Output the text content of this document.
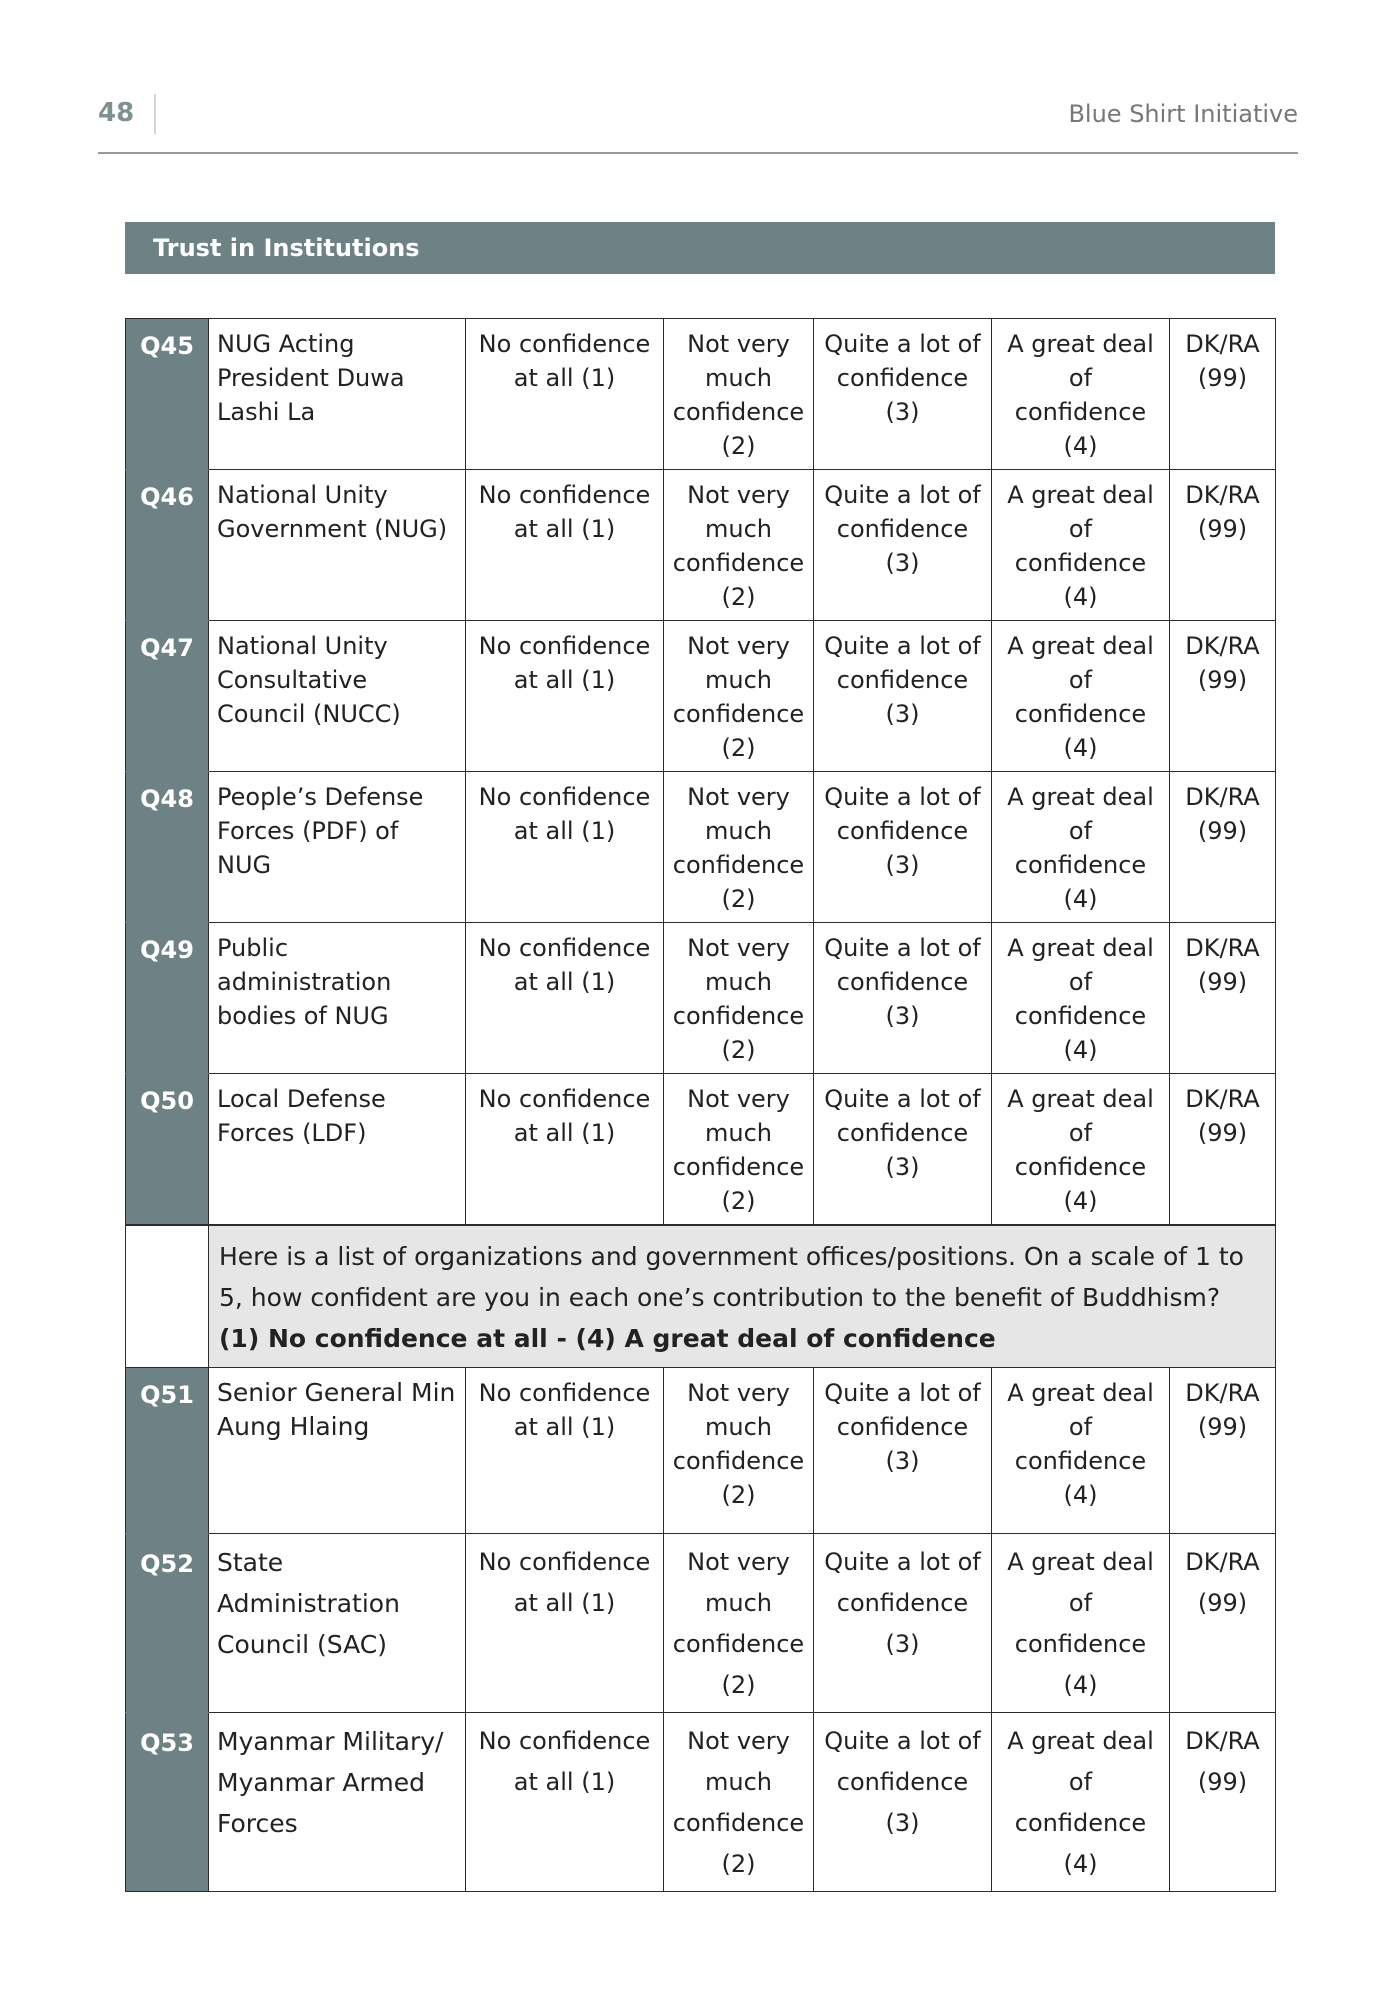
48	Blue Shirt Initiative
Trust in Institutions
Q45	NUG Acting President Duwa Lashi La	No confidence at all (1)	Not very much confidence (2)	Quite a lot of confidence (3)	A great deal of confidence (4)	DK/RA (99)
Q46	National Unity Government (NUG)	No confidence at all (1)	Not very much confidence (2)	Quite a lot of confidence (3)	A great deal of confidence (4)	DK/RA (99)
Q47	National Unity Consultative Council (NUCC)	No confidence at all (1)	Not very much confidence (2)	Quite a lot of confidence (3)	A great deal of confidence (4)	DK/RA (99)
Q48	People’s Defense Forces (PDF) of NUG	No confidence at all (1)	Not very much confidence (2)	Quite a lot of confidence (3)	A great deal of confidence (4)	DK/RA (99)
Q49	Public administration bodies of NUG	No confidence at all (1)	Not very much confidence (2)	Quite a lot of confidence (3)	A great deal of confidence (4)	DK/RA (99)
Q50	Local Defense Forces (LDF)	No confidence at all (1)	Not very much confidence (2)	Quite a lot of confidence (3)	A great deal of confidence (4)	DK/RA (99)
	Here is a list of organizations and government offices/positions. On a scale of 1 to 5, how confident are you in each one’s contribution to the benefit of Buddhism?
(1) No confidence at all - (4) A great deal of confidence					

Q51	Senior General Min Aung Hlaing	No confidence at all (1)	Not very much confidence (2)	Quite a lot of confidence (3)	A great deal of confidence (4)	DK/RA (99)
Q52	State Administration Council (SAC)	No confidence at all (1)	Not very much confidence (2)	Quite a lot of confidence (3)	A great deal of confidence (4)	DK/RA (99)
Q53	Myanmar Military/ Myanmar Armed Forces	No confidence at all (1)	Not very much confidence (2)	Quite a lot of confidence (3)	A great deal of confidence (4)	DK/RA (99)
